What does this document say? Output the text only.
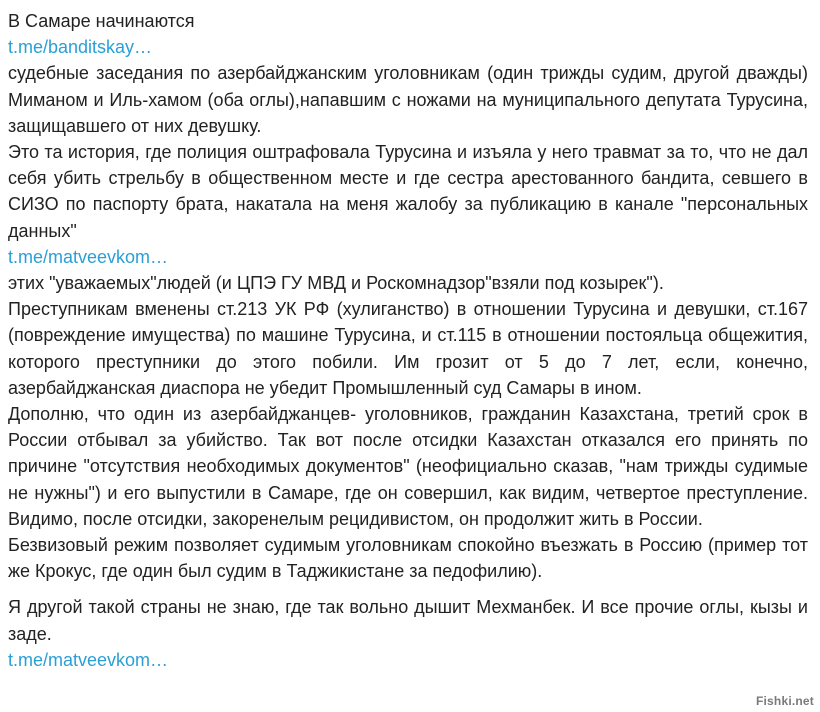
В Самаре начинаются

t.me/banditskay…

судебные заседания по азербайджанским уголовникам (один трижды судим, другой дважды) Миманом и Иль-хамом (оба оглы),напавшим с ножами на муниципального депутата Турусина, защищавшего от них девушку.

Это та история, где полиция оштрафовала Турусина и изъяла у него травмат за то, что не дал себя убить стрельбу в общественном месте и где сестра арестованного бандита, севшего в СИЗО по паспорту брата, накатала на меня жалобу за публикацию в канале "персональных данных"

t.me/matveevkom…

этих "уважаемых"людей (и ЦПЭ ГУ МВД и Роскомнадзор"взяли под козырек").

Преступникам вменены ст.213 УК РФ (хулиганство) в отношении Турусина и девушки, ст.167 (повреждение имущества) по машине Турусина, и ст.115 в отношении постояльца общежития, которого преступники до этого побили. Им грозит от 5 до 7 лет, если, конечно, азербайджанская диаспора не убедит Промышленный суд Самары в ином.

Дополню, что один из азербайджанцев- уголовников, гражданин Казахстана, третий срок в России отбывал за убийство. Так вот после отсидки Казахстан отказался его принять по причине "отсутствия необходимых документов" (неофициально сказав, "нам трижды судимые не нужны") и его выпустили в Самаре, где он совершил, как видим, четвертое преступление. Видимо, после отсидки, закоренелым рецидивистом, он продолжит жить в России.

Безвизовый режим позволяет судимым уголовникам спокойно въезжать в Россию (пример тот же Крокус, где один был судим в Таджикистане за педофилию).

Я другой такой страны не знаю, где так вольно дышит Мехманбек. И все прочие оглы, кызы и заде.

t.me/matveevkom…

Fishki.net
